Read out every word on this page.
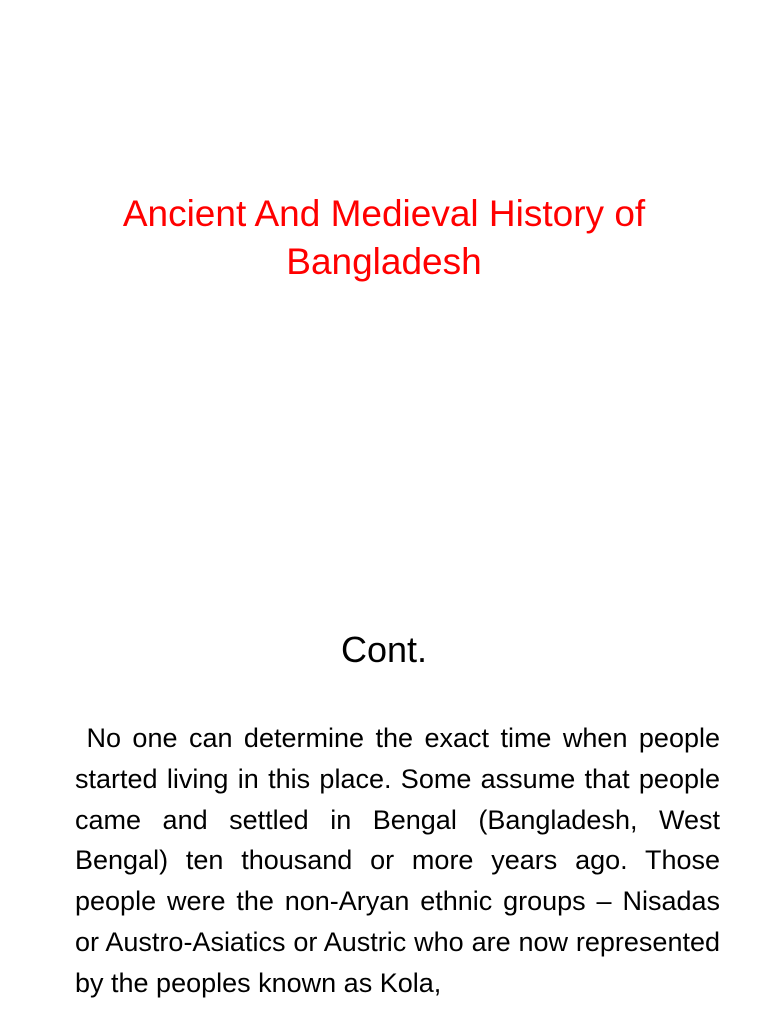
Ancient And Medieval History of Bangladesh
Cont.

No one can determine the exact time when people started living in this place. Some assume that people came and settled in Bengal (Bangladesh, West Bengal) ten thousand or more years ago. Those people were the non-Aryan ethnic groups – Nisadas or Austro-Asiatics or Austric who are now represented by the peoples known as Kola,
